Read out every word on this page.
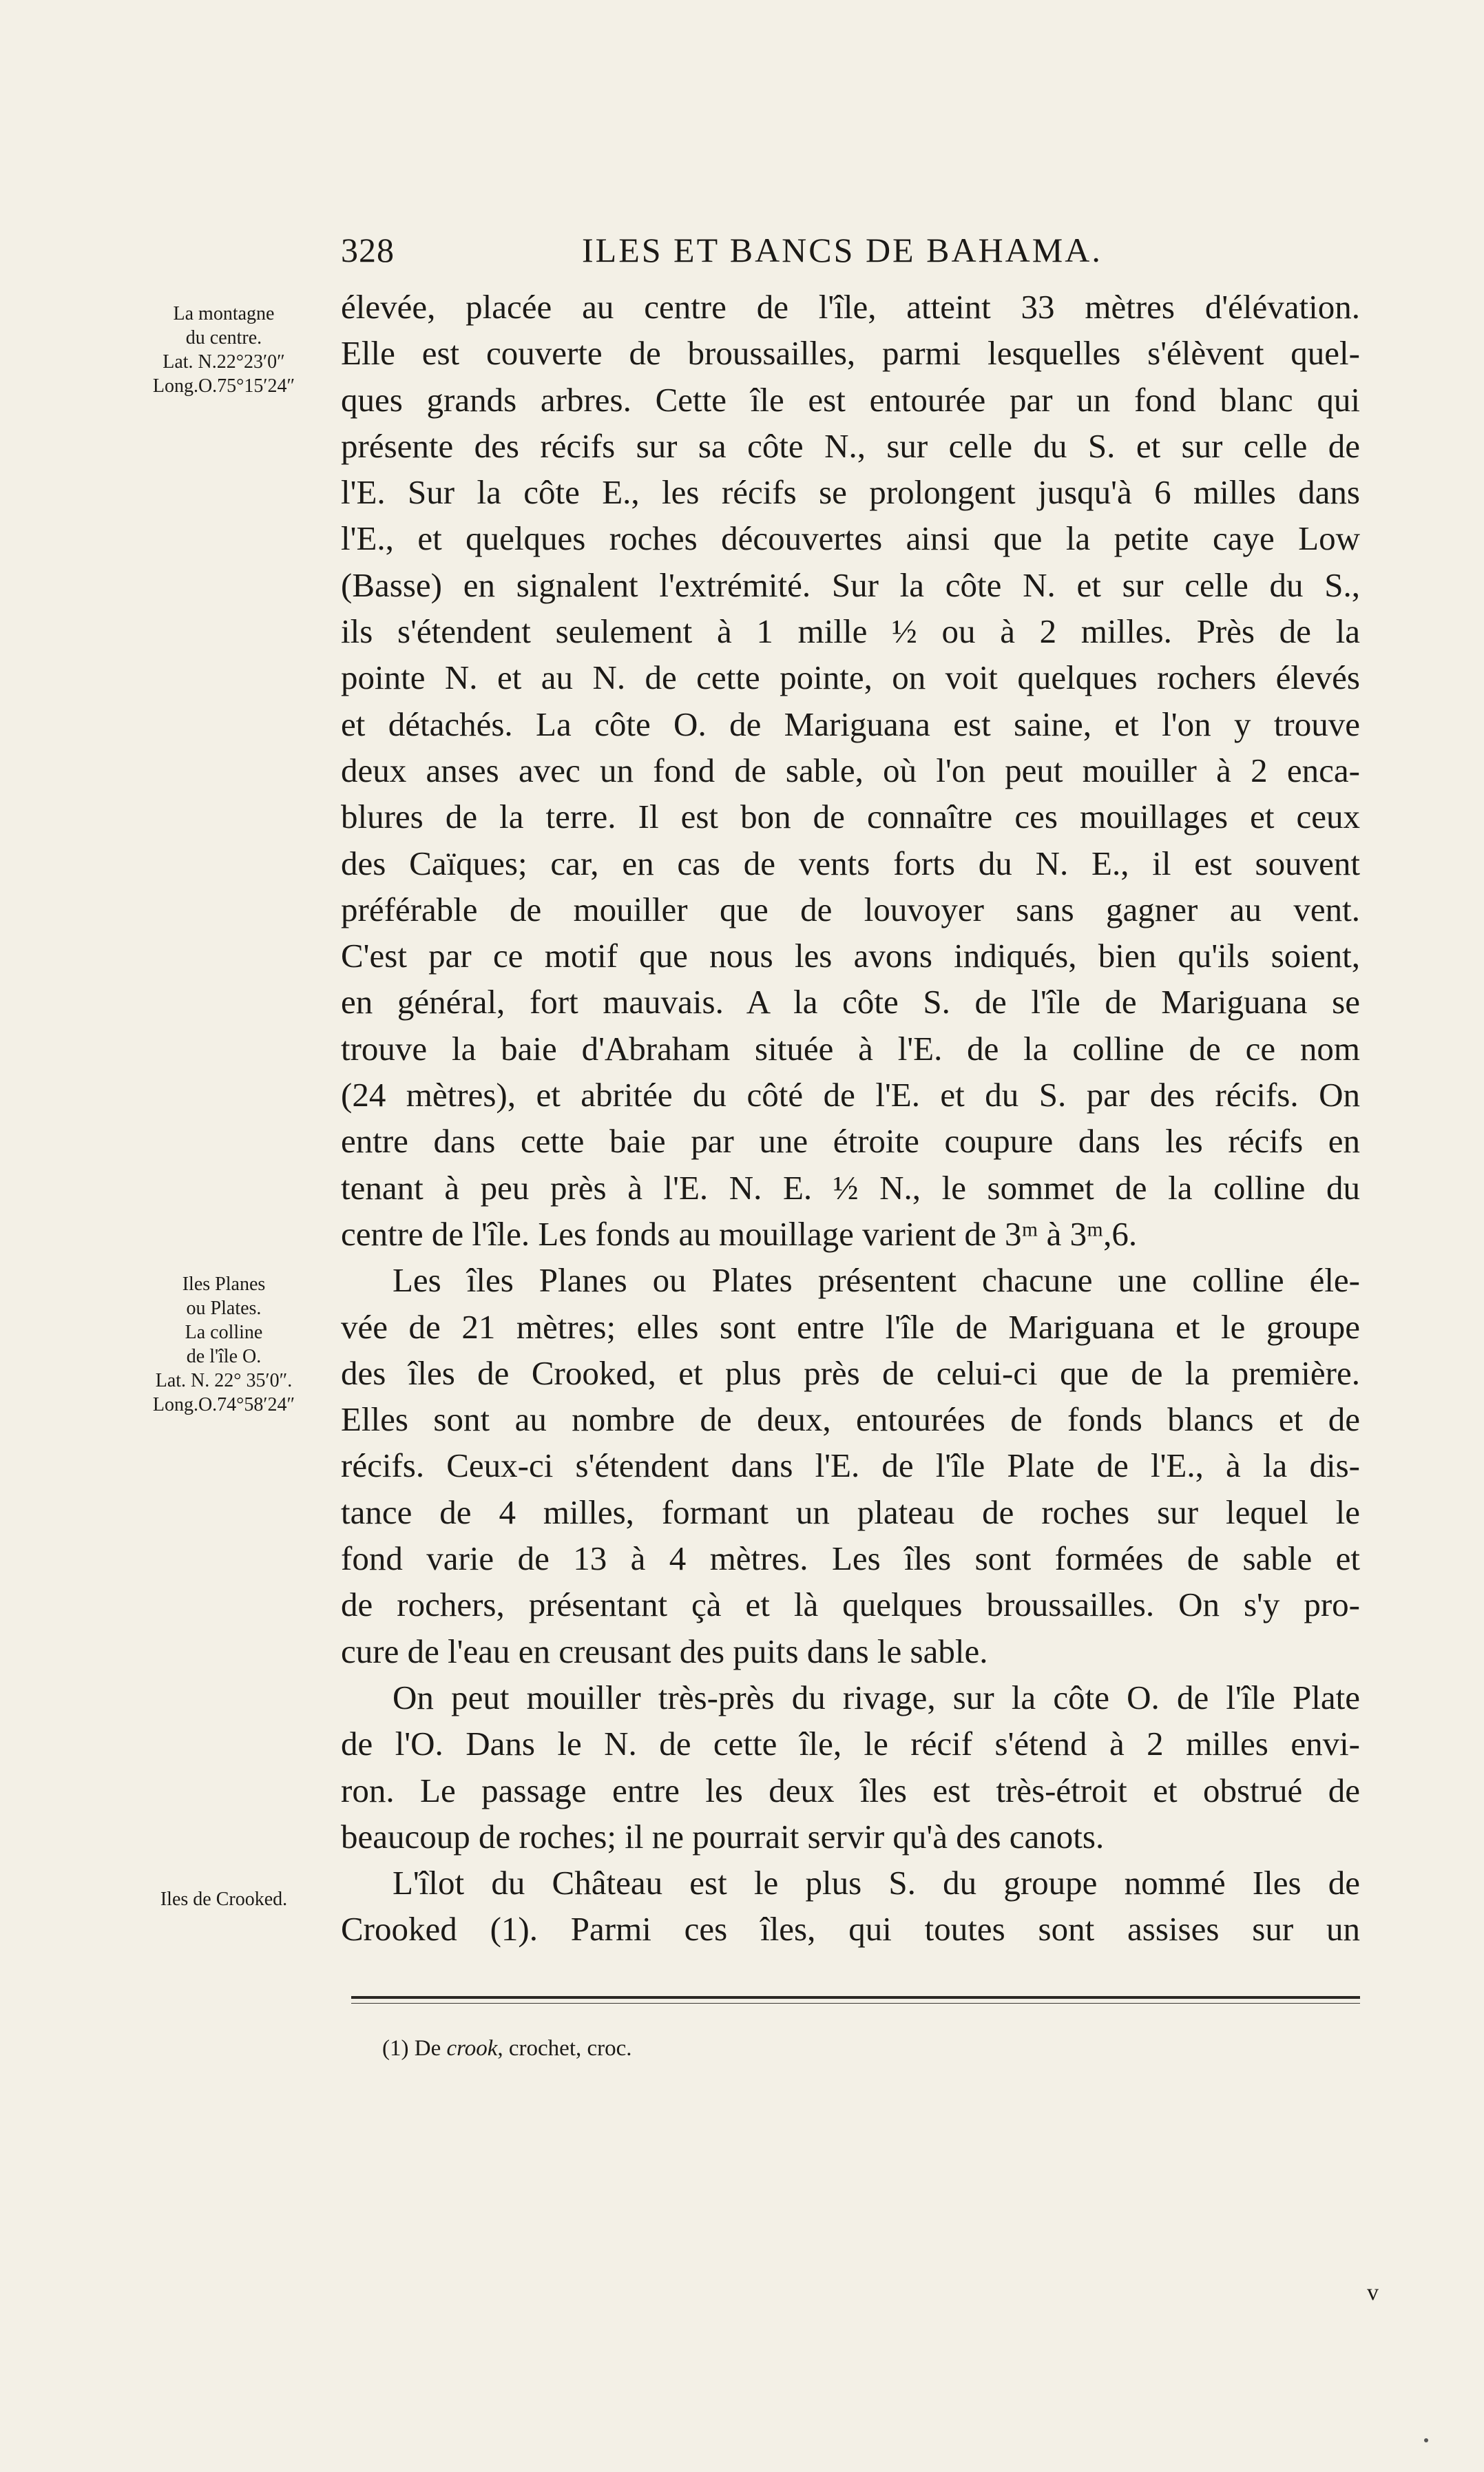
328	ILES ET BANCS DE BAHAMA.
La montagne
du centre.
Lat. N.22°23′0″
Long.O.75°15′24″
Iles Planes
ou Plates.
La colline
de l'île O.
Lat. N. 22° 35′0″.
Long.O.74°58′24″
Iles de Crooked.

élevée, placée au centre de l'île, atteint 33 mètres d'élévation.

Elle est couverte de broussailles, parmi lesquelles s'élèvent quel-

ques grands arbres. Cette île est entourée par un fond blanc qui

présente des récifs sur sa côte N., sur celle du S. et sur celle de

l'E. Sur la côte E., les récifs se prolongent jusqu'à 6 milles dans

l'E., et quelques roches découvertes ainsi que la petite caye Low

(Basse) en signalent l'extrémité. Sur la côte N. et sur celle du S.,

ils s'étendent seulement à 1 mille ½ ou à 2 milles. Près de la

pointe N. et au N. de cette pointe, on voit quelques rochers élevés

et détachés. La côte O. de Mariguana est saine, et l'on y trouve

deux anses avec un fond de sable, où l'on peut mouiller à 2 enca-

blures de la terre. Il est bon de connaître ces mouillages et ceux

des Caïques; car, en cas de vents forts du N. E., il est souvent

préférable de mouiller que de louvoyer sans gagner au vent.

C'est par ce motif que nous les avons indiqués, bien qu'ils soient,

en général, fort mauvais. A la côte S. de l'île de Mariguana se

trouve la baie d'Abraham située à l'E. de la colline de ce nom

(24 mètres), et abritée du côté de l'E. et du S. par des récifs. On

entre dans cette baie par une étroite coupure dans les récifs en

tenant à peu près à l'E. N. E. ½ N., le sommet de la colline du

centre de l'île. Les fonds au mouillage varient de 3ᵐ à 3ᵐ,6.

Les îles Planes ou Plates présentent chacune une colline éle-

vée de 21 mètres; elles sont entre l'île de Mariguana et le groupe

des îles de Crooked, et plus près de celui-ci que de la première.

Elles sont au nombre de deux, entourées de fonds blancs et de

récifs. Ceux-ci s'étendent dans l'E. de l'île Plate de l'E., à la dis-

tance de 4 milles, formant un plateau de roches sur lequel le

fond varie de 13 à 4 mètres. Les îles sont formées de sable et

de rochers, présentant çà et là quelques broussailles. On s'y pro-

cure de l'eau en creusant des puits dans le sable.

On peut mouiller très-près du rivage, sur la côte O. de l'île Plate

de l'O. Dans le N. de cette île, le récif s'étend à 2 milles envi-

ron. Le passage entre les deux îles est très-étroit et obstrué de

beaucoup de roches; il ne pourrait servir qu'à des canots.

L'îlot du Château est le plus S. du groupe nommé Iles de

Crooked (1). Parmi ces îles, qui toutes sont assises sur un

(1) De crook, crochet, croc.
v
